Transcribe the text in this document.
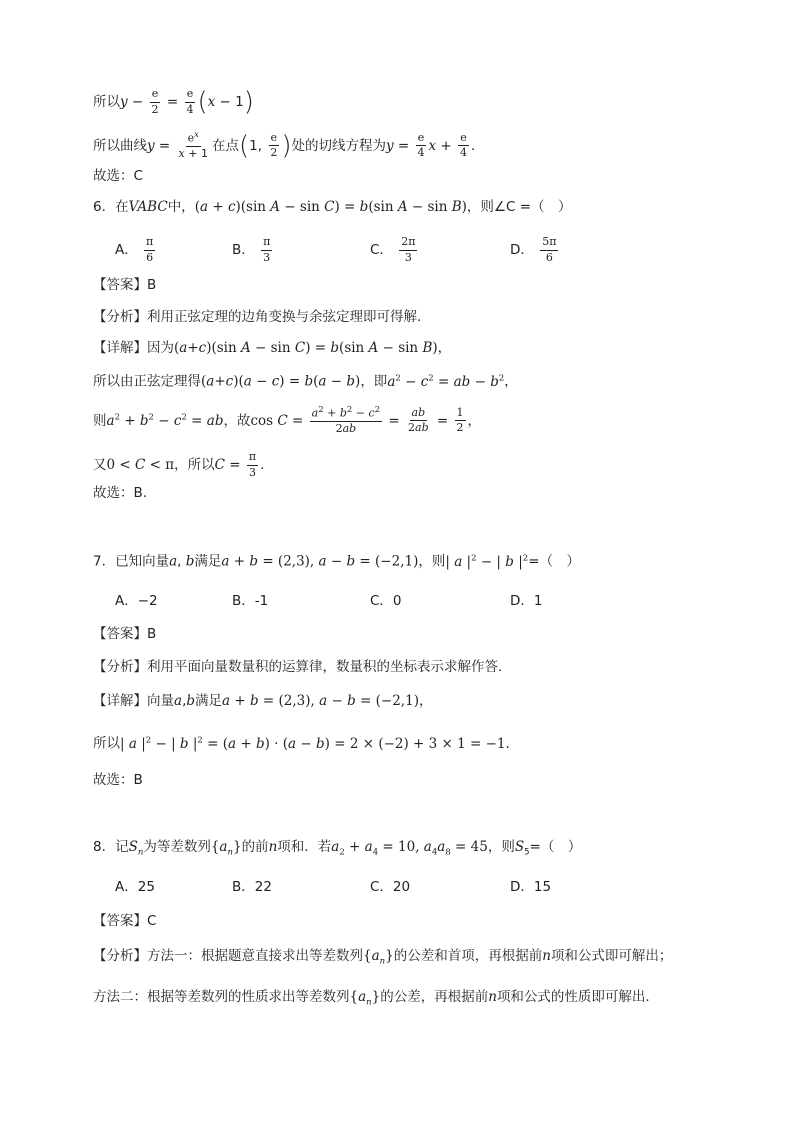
所以$y - \frac{e}{2} = \frac{e}{4} (x - 1)$
所以曲线$y = \frac{e^x}{x + 1}$ 在点(1, $\frac{e}{2}$ )处的切线方程为$y = \frac{e}{4}$ $x + \frac{e}{4}$ .
故选：C
6．在VABC中，(a + c)(sin A − sin C) = b(sin A − sin B)，则∠C =（　）
A． $\frac{\pi}{6}$	B． $\frac{\pi}{3}$	C． $\frac{2\pi}{3}$	D． $\frac{5\pi}{6}$
【答案】B
【分析】利用正弦定理的边角变换与余弦定理即可得解.
【详解】因为(a+c)(sin A − sin C) = b(sin A − sin B)，
所以由正弦定理得(a+c)(a − c) = b(a − b)，即$a^2 - c^2$ = ab − $b^2$，
则$a^2 + b^2 - c^2$ = ab，故$\cos C = \frac{a^2 + b^2 - c^2}{2ab} = \frac{ab}{2ab} = \frac{1}{2}$ ，
又0 < C < π，所以$C = \frac{\pi}{3}$ .
故选：B.
7．已知向量a, b满足a + b = (2,3), a − b = (−2,1)，则| a $|^2$ − | b $|^2=$（　）
A．−2	B．-1	C．0	D．1
【答案】B
【分析】利用平面向量数量积的运算律，数量积的坐标表示求解作答.
【详解】向量a,b满足a + b = (2,3), a − b = (−2,1)，
所以| a $|^2$ − | b $|^2 = (a + b) \cdot (a - b) = 2 \times (-2) + 3 \times 1 = -1$.
故选：B
8．记$S_n$为等差数列$\{a_n\}$的前n项和．若$a_2 + a_4 = 10$, $a_4a_8 = 45$，则$S_5=$（　）
A．25	B．22	C．20	D．15
【答案】C
【分析】方法一：根据题意直接求出等差数列$\{a_n\}$的公差和首项，再根据前n项和公式即可解出；
方法二：根据等差数列的性质求出等差数列$\{a_n\}$的公差，再根据前n项和公式的性质即可解出.
